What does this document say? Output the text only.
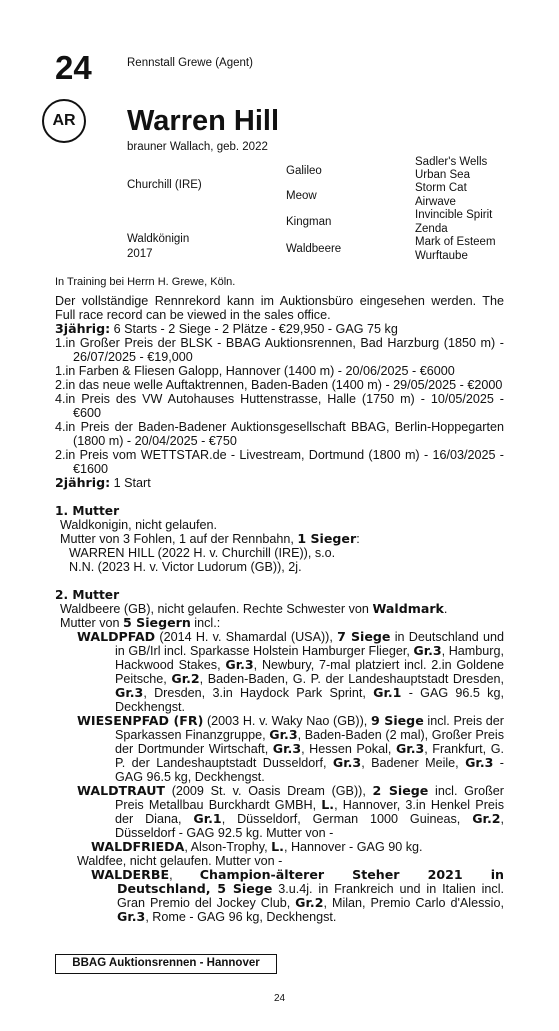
24	Rennstall Grewe (Agent)
AR	Warren Hill
brauner Wallach, geb. 2022
Churchill (IRE)
Waldkönigin
2017
Galileo
Meow
Kingman
Waldbeere
Sadler's Wells
Urban Sea
Storm Cat
Airwave
Invincible Spirit
Zenda
Mark of Esteem
Wurftaube
In Training bei Herrn H. Grewe, Köln.

Der vollständige Rennrekord kann im Auktionsbüro eingesehen werden. The Full race record can be viewed in the sales office.

3jährig: 6 Starts - 2 Siege - 2 Plätze - €29,950 - GAG 75 kg

1.in Großer Preis der BLSK - BBAG Auktionsrennen, Bad Harzburg (1850 m) - 26/07/2025 - €19,000

1.in Farben & Fliesen Galopp, Hannover (1400 m) - 20/06/2025 - €6000

2.in das neue welle Auftaktrennen, Baden-Baden (1400 m) - 29/05/2025 - €2000

4.in Preis des VW Autohauses Huttenstrasse, Halle (1750 m) - 10/05/2025 - €600

4.in Preis der Baden-Badener Auktionsgesellschaft BBAG, Berlin-Hoppegarten (1800 m) - 20/04/2025 - €750

2.in Preis vom WETTSTAR.de - Livestream, Dortmund (1800 m) - 16/03/2025 - €1600

2jährig: 1 Start

1. Mutter

Waldkonigin, nicht gelaufen.

Mutter von 3 Fohlen, 1 auf der Rennbahn, 1 Sieger:

WARREN HILL (2022 H. v. Churchill (IRE)), s.o.

N.N. (2023 H. v. Victor Ludorum (GB)), 2j.

2. Mutter

Waldbeere (GB), nicht gelaufen. Rechte Schwester von Waldmark.

Mutter von 5 Siegern incl.:

WALDPFAD (2014 H. v. Shamardal (USA)), 7 Siege in Deutschland und in GB/Irl incl. Sparkasse Holstein Hamburger Flieger, Gr.3, Hamburg, Hackwood Stakes, Gr.3, Newbury, 7-mal platziert incl. 2.in Goldene Peitsche, Gr.2, Baden-Baden, G. P. der Landeshauptstadt Dresden, Gr.3, Dresden, 3.in Haydock Park Sprint, Gr.1 - GAG 96.5 kg, Deckhengst.

WIESENPFAD (FR) (2003 H. v. Waky Nao (GB)), 9 Siege incl. Preis der Sparkassen Finanzgruppe, Gr.3, Baden-Baden (2 mal), Großer Preis der Dortmunder Wirtschaft, Gr.3, Hessen Pokal, Gr.3, Frankfurt, G. P. der Landeshauptstadt Dusseldorf, Gr.3, Badener Meile, Gr.3 - GAG 96.5 kg, Deckhengst.

WALDTRAUT (2009 St. v. Oasis Dream (GB)), 2 Siege incl. Großer Preis Metallbau Burckhardt GMBH, L., Hannover, 3.in Henkel Preis der Diana, Gr.1, Düsseldorf, German 1000 Guineas, Gr.2, Düsseldorf - GAG 92.5 kg. Mutter von -

WALDFRIEDA, Alson-Trophy, L., Hannover - GAG 90 kg.

Waldfee, nicht gelaufen. Mutter von -

WALDERBE, Champion-älterer Steher 2021 in Deutschland, 5 Siege 3.u.4j. in Frankreich und in Italien incl. Gran Premio del Jockey Club, Gr.2, Milan, Premio Carlo d'Alessio, Gr.3, Rome - GAG 96 kg, Deckhengst.

BBAG Auktionsrennen - Hannover
24
